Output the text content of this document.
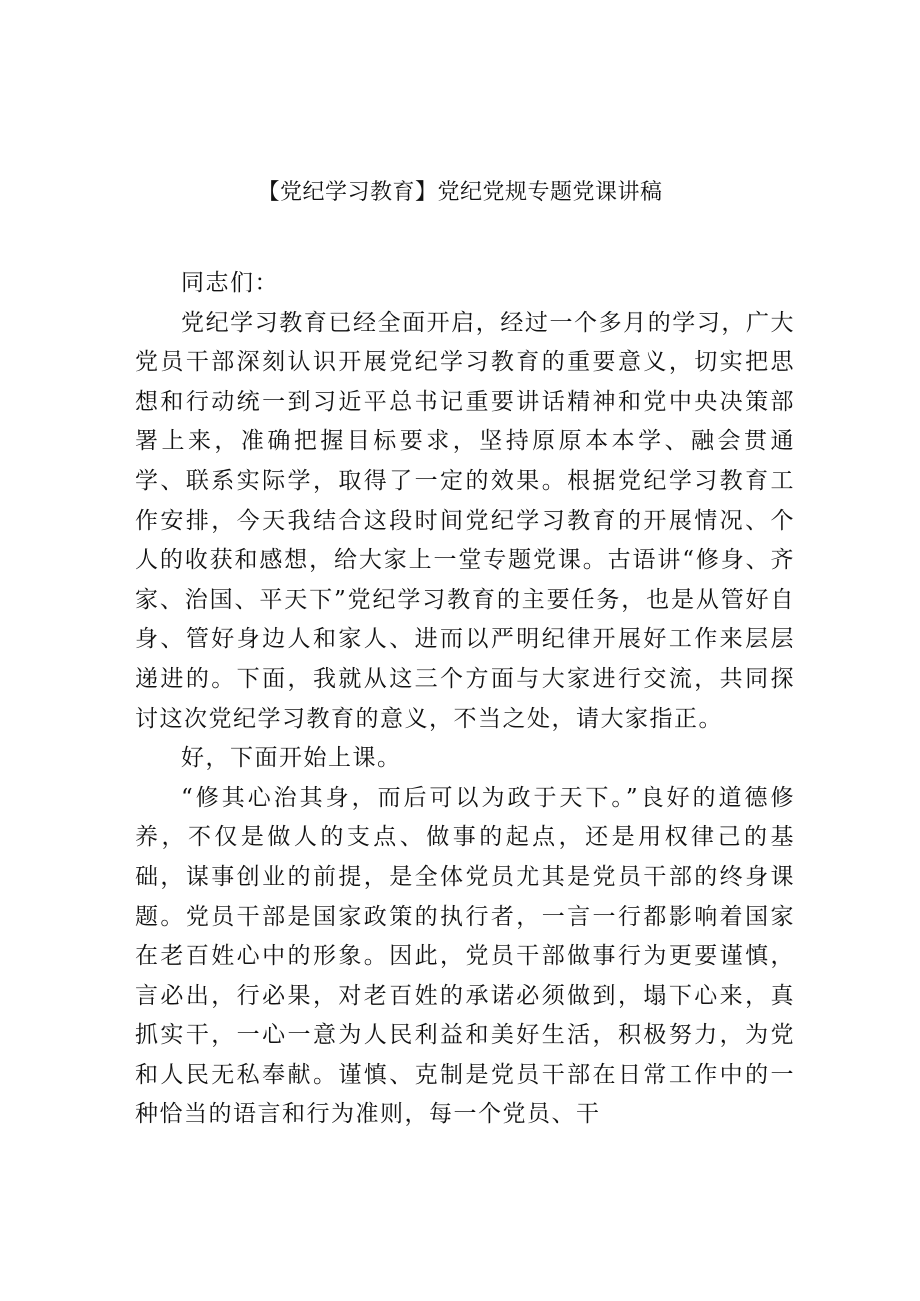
【党纪学习教育】党纪党规专题党课讲稿

同志们：

党纪学习教育已经全面开启，经过一个多月的学习，广大党员干部深刻认识开展党纪学习教育的重要意义，切实把思想和行动统一到习近平总书记重要讲话精神和党中央决策部署上来，准确把握目标要求，坚持原原本本学、融会贯通学、联系实际学，取得了一定的效果。根据党纪学习教育工作安排，今天我结合这段时间党纪学习教育的开展情况、个人的收获和感想，给大家上一堂专题党课。古语讲“修身、齐家、治国、平天下”党纪学习教育的主要任务，也是从管好自身、管好身边人和家人、进而以严明纪律开展好工作来层层递进的。下面，我就从这三个方面与大家进行交流，共同探讨这次党纪学习教育的意义，不当之处，请大家指正。

好，下面开始上课。

“修其心治其身，而后可以为政于天下。”良好的道德修养，不仅是做人的支点、做事的起点，还是用权律己的基础，谋事创业的前提，是全体党员尤其是党员干部的终身课题。党员干部是国家政策的执行者，一言一行都影响着国家在老百姓心中的形象。因此，党员干部做事行为更要谨慎，言必出，行必果，对老百姓的承诺必须做到，塌下心来，真抓实干，一心一意为人民利益和美好生活，积极努力，为党和人民无私奉献。谨慎、克制是党员干部在日常工作中的一种恰当的语言和行为准则，每一个党员、干
